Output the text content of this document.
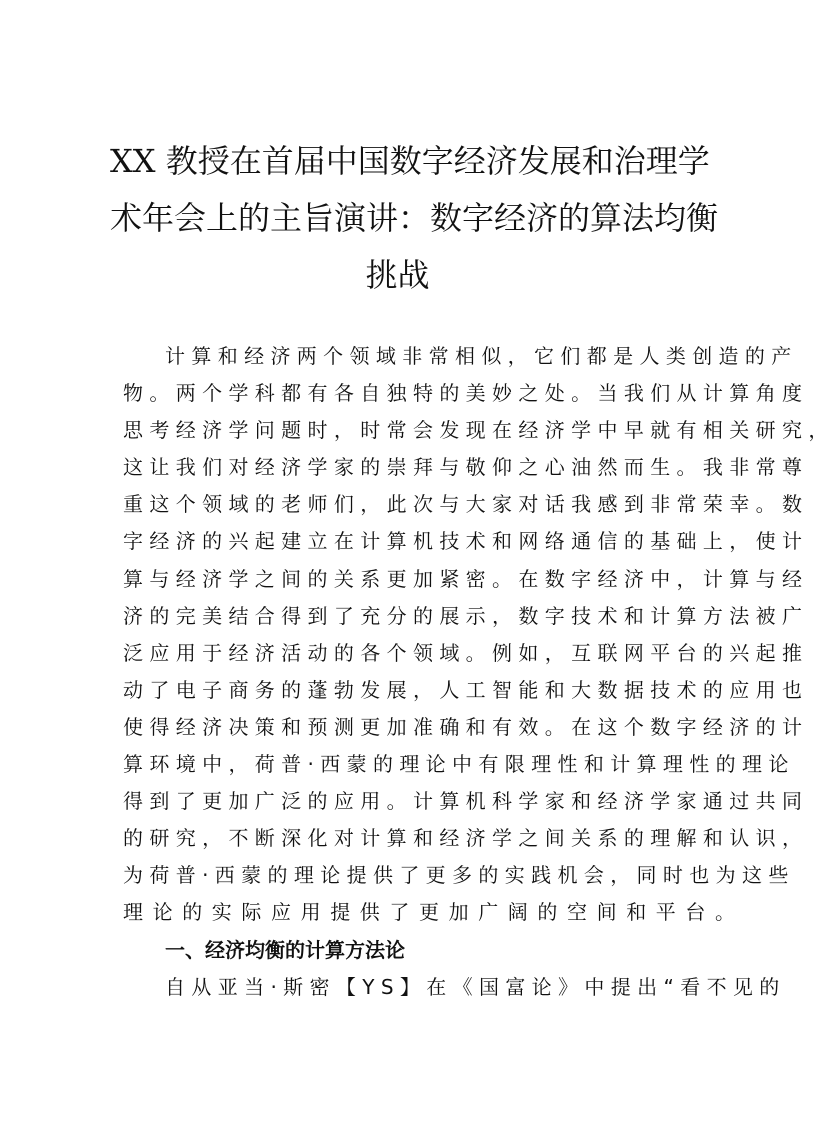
XX 教授在首届中国数字经济发展和治理学
术年会上的主旨演讲：数字经济的算法均衡
挑战
计 算 和 经 济 两 个 领 域 非 常 相 似 ， 它 们 都 是 人 类 创 造 的 产
物 。 两 个 学 科 都 有 各 自 独 特 的 美 妙 之 处 。 当 我 们 从 计 算 角 度
思 考 经 济 学 问 题 时 ， 时 常 会 发 现 在 经 济 学 中 早 就 有 相 关 研 究 ，
这 让 我 们 对 经 济 学 家 的 崇 拜 与 敬 仰 之 心 油 然 而 生 。 我 非 常 尊
重 这 个 领 域 的 老 师 们 ， 此 次 与 大 家 对 话 我 感 到 非 常 荣 幸 。 数
字 经 济 的 兴 起 建 立 在 计 算 机 技 术 和 网 络 通 信 的 基 础 上 ， 使 计
算 与 经 济 学 之 间 的 关 系 更 加 紧 密 。 在 数 字 经 济 中 ， 计 算 与 经
济 的 完 美 结 合 得 到 了 充 分 的 展 示 ， 数 字 技 术 和 计 算 方 法 被 广
泛 应 用 于 经 济 活 动 的 各 个 领 域 。 例 如 ， 互 联 网 平 台 的 兴 起 推
动 了 电 子 商 务 的 蓬 勃 发 展 ， 人 工 智 能 和 大 数 据 技 术 的 应 用 也
使 得 经 济 决 策 和 预 测 更 加 准 确 和 有 效 。 在 这 个 数 字 经 济 的 计
算 环 境 中 ， 荷 普 · 西 蒙 的 理 论 中 有 限 理 性 和 计 算 理 性 的 理 论
得 到 了 更 加 广 泛 的 应 用 。 计 算 机 科 学 家 和 经 济 学 家 通 过 共 同
的 研 究 ， 不 断 深 化 对 计 算 和 经 济 学 之 间 关 系 的 理 解 和 认 识 ，
为 荷 普 · 西 蒙 的 理 论 提 供 了 更 多 的 实 践 机 会 ， 同 时 也 为 这 些
理论的实际应用提供了更加广阔的空间和平台。
一、经济均衡的计算方法论
自 从 亚 当 · 斯 密 【 Y S 】 在 《 国 富 论 》 中 提 出 “ 看 不 见 的
